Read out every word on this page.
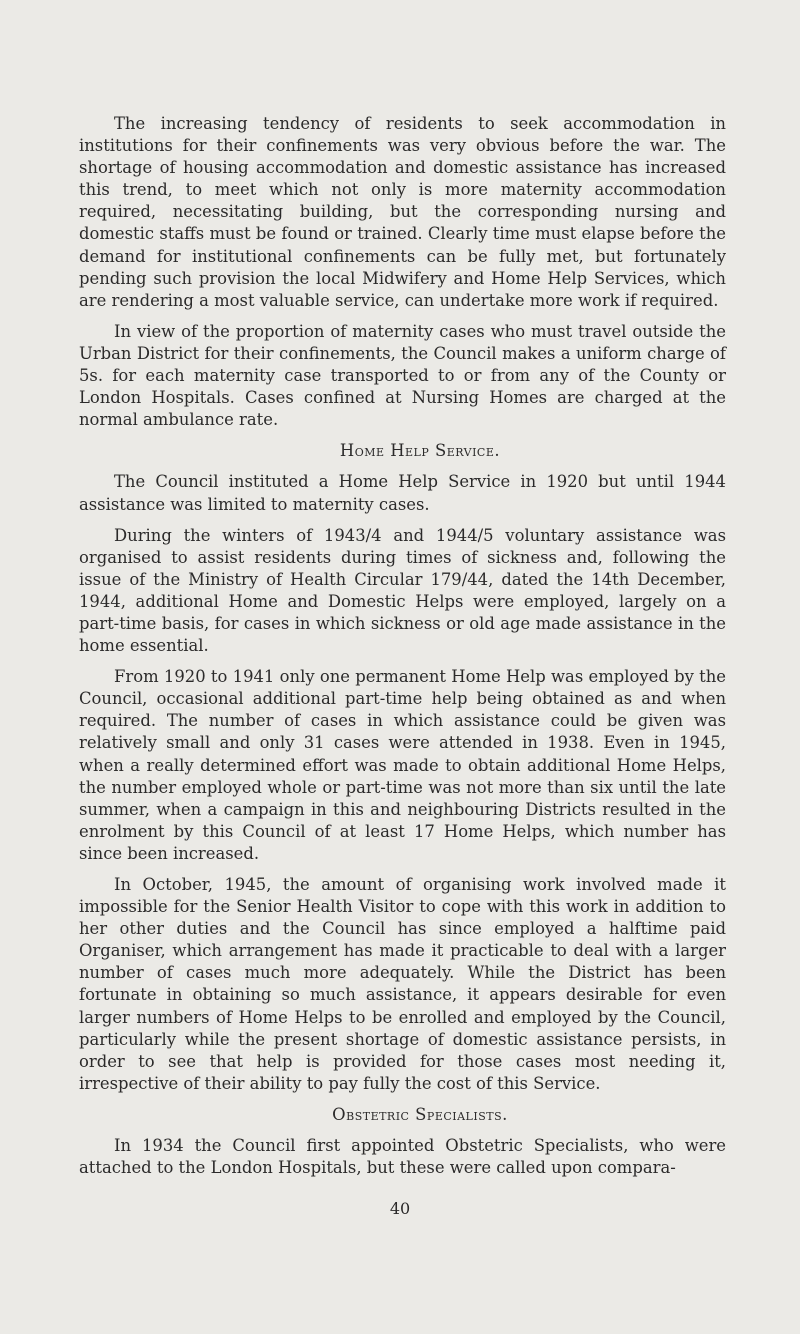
The increasing tendency of residents to seek accommodation in institutions for their confinements was very obvious before the war. The shortage of housing accommodation and domestic assistance has increased this trend, to meet which not only is more maternity accommodation required, necessitating building, but the corresponding nursing and domestic staffs must be found or trained. Clearly time must elapse before the demand for institutional confinements can be fully met, but fortunately pending such provision the local Midwifery and Home Help Services, which are rendering a most valuable service, can undertake more work if required.

In view of the proportion of maternity cases who must travel outside the Urban District for their confinements, the Council makes a uniform charge of 5s. for each maternity case transported to or from any of the County or London Hospitals. Cases confined at Nursing Homes are charged at the normal ambulance rate.

Home Help Service.

The Council instituted a Home Help Service in 1920 but until 1944 assistance was limited to maternity cases.

During the winters of 1943/4 and 1944/5 voluntary assistance was organised to assist residents during times of sickness and, following the issue of the Ministry of Health Circular 179/44, dated the 14th December, 1944, additional Home and Domestic Helps were employed, largely on a part-time basis, for cases in which sickness or old age made assistance in the home essential.

From 1920 to 1941 only one permanent Home Help was employed by the Council, occasional additional part-time help being obtained as and when required. The number of cases in which assistance could be given was relatively small and only 31 cases were attended in 1938. Even in 1945, when a really determined effort was made to obtain additional Home Helps, the number employed whole or part-time was not more than six until the late summer, when a campaign in this and neighbouring Districts resulted in the enrolment by this Council of at least 17 Home Helps, which number has since been increased.

In October, 1945, the amount of organising work involved made it impossible for the Senior Health Visitor to cope with this work in addition to her other duties and the Council has since employed a halftime paid Organiser, which arrangement has made it practicable to deal with a larger number of cases much more adequately. While the District has been fortunate in obtaining so much assistance, it appears desirable for even larger numbers of Home Helps to be enrolled and employed by the Council, particularly while the present shortage of domestic assistance persists, in order to see that help is provided for those cases most needing it, irrespective of their ability to pay fully the cost of this Service.

Obstetric Specialists.

In 1934 the Council first appointed Obstetric Specialists, who were attached to the London Hospitals, but these were called upon compara-

40
